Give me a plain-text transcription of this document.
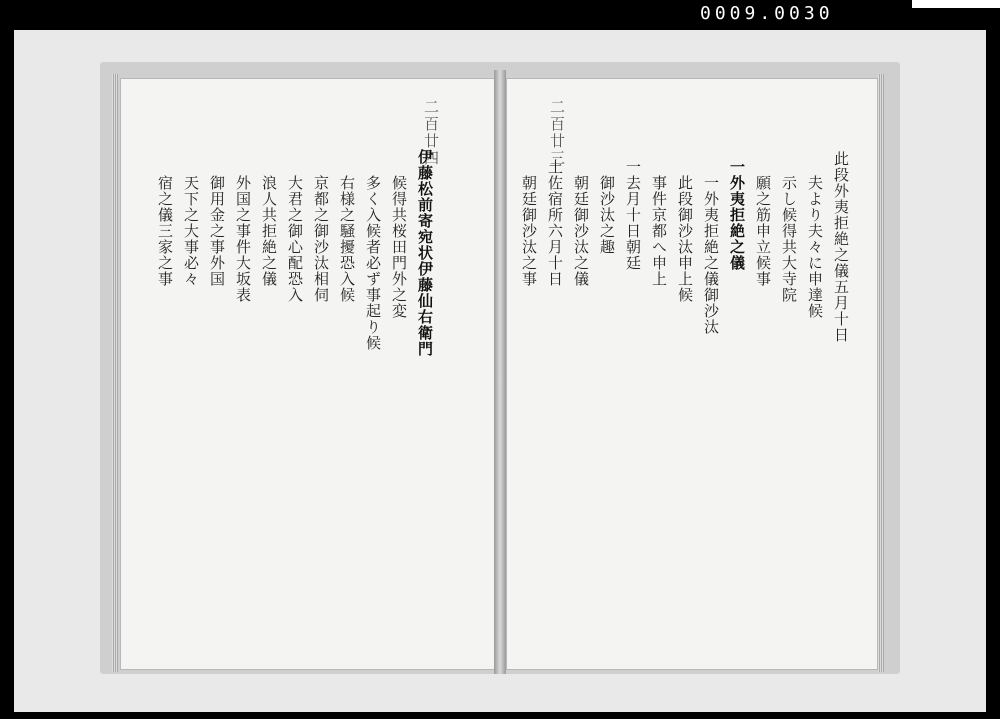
0009.0030
二百廿四
伊藤松前寄宛状伊藤仙右衛門
候得共桜田門外之変
多く入候者必ず事起り候
右様之騒擾恐入候
京都之御沙汰相伺
大君之御心配恐入
浪人共拒絶之儀
外国之事件大坂表
御用金之事外国
天下之大事必々
宿之儀三家之事
二百廿三
此段外夷拒絶之儀五月十日
夫より夫々に申達候
示し候得共大寺院
願之筋申立候事
一外夷拒絶之儀
一外夷拒絶之儀御沙汰
此段御沙汰申上候
事件京都へ申上
一去月十日朝廷
御沙汰之趣
朝廷御沙汰之儀
土佐宿所六月十日
朝廷御沙汰之事
